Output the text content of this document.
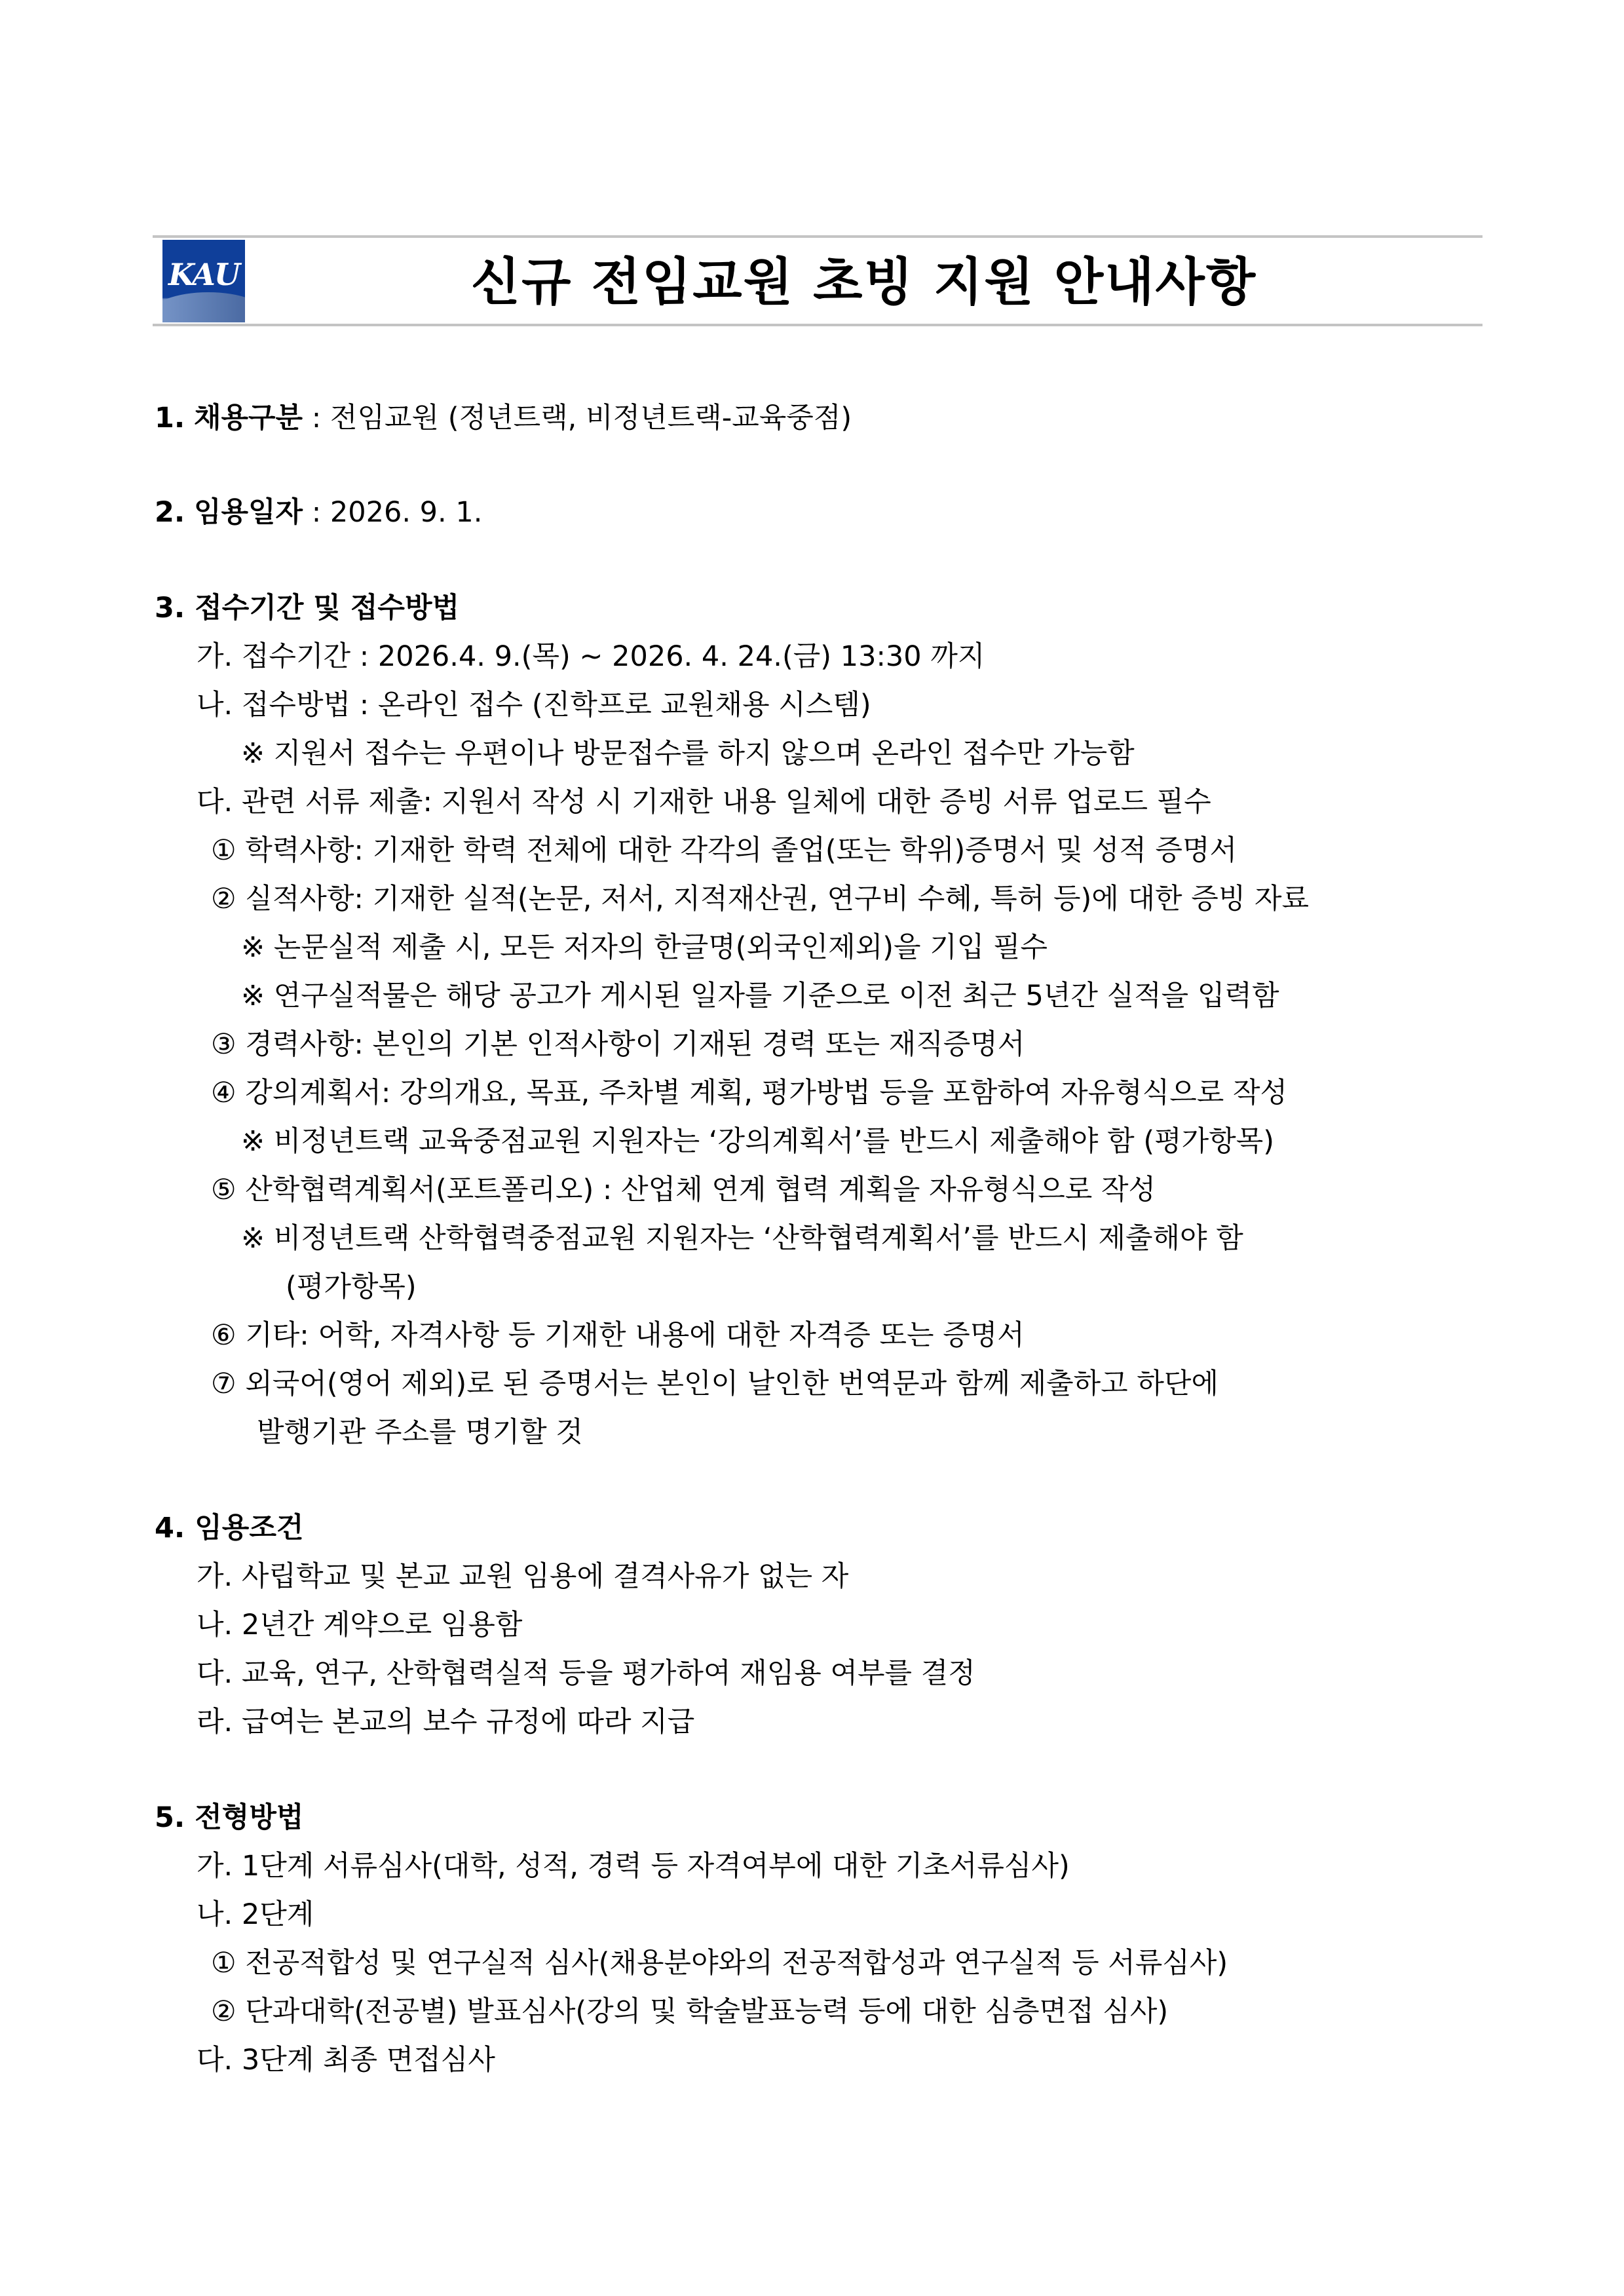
KAU	신규 전임교원 초빙 지원 안내사항
1. 채용구분 : 전임교원 (정년트랙, 비정년트랙-교육중점)
2. 임용일자 : 2026. 9. 1.
3. 접수기간 및 접수방법
가. 접수기간 : 2026.4. 9.(목) ~ 2026. 4. 24.(금) 13:30 까지
나. 접수방법 : 온라인 접수 (진학프로 교원채용 시스템)
※ 지원서 접수는 우편이나 방문접수를 하지 않으며 온라인 접수만 가능함
다. 관련 서류 제출: 지원서 작성 시 기재한 내용 일체에 대한 증빙 서류 업로드 필수
① 학력사항: 기재한 학력 전체에 대한 각각의 졸업(또는 학위)증명서 및 성적 증명서
② 실적사항: 기재한 실적(논문, 저서, 지적재산권, 연구비 수혜, 특허 등)에 대한 증빙 자료
※ 논문실적 제출 시, 모든 저자의 한글명(외국인제외)을 기입 필수
※ 연구실적물은 해당 공고가 게시된 일자를 기준으로 이전 최근 5년간 실적을 입력함
③ 경력사항: 본인의 기본 인적사항이 기재된 경력 또는 재직증명서
④ 강의계획서: 강의개요, 목표, 주차별 계획, 평가방법 등을 포함하여 자유형식으로 작성
※ 비정년트랙 교육중점교원 지원자는 ‘강의계획서’를 반드시 제출해야 함 (평가항목)
⑤ 산학협력계획서(포트폴리오) : 산업체 연계 협력 계획을 자유형식으로 작성
※ 비정년트랙 산학협력중점교원 지원자는 ‘산학협력계획서’를 반드시 제출해야 함
(평가항목)
⑥ 기타: 어학, 자격사항 등 기재한 내용에 대한 자격증 또는 증명서
⑦ 외국어(영어 제외)로 된 증명서는 본인이 날인한 번역문과 함께 제출하고 하단에
발행기관 주소를 명기할 것
4. 임용조건
가. 사립학교 및 본교 교원 임용에 결격사유가 없는 자
나. 2년간 계약으로 임용함
다. 교육, 연구, 산학협력실적 등을 평가하여 재임용 여부를 결정
라. 급여는 본교의 보수 규정에 따라 지급
5. 전형방법
가. 1단계 서류심사(대학, 성적, 경력 등 자격여부에 대한 기초서류심사)
나. 2단계
① 전공적합성 및 연구실적 심사(채용분야와의 전공적합성과 연구실적 등 서류심사)
② 단과대학(전공별) 발표심사(강의 및 학술발표능력 등에 대한 심층면접 심사)
다. 3단계 최종 면접심사
